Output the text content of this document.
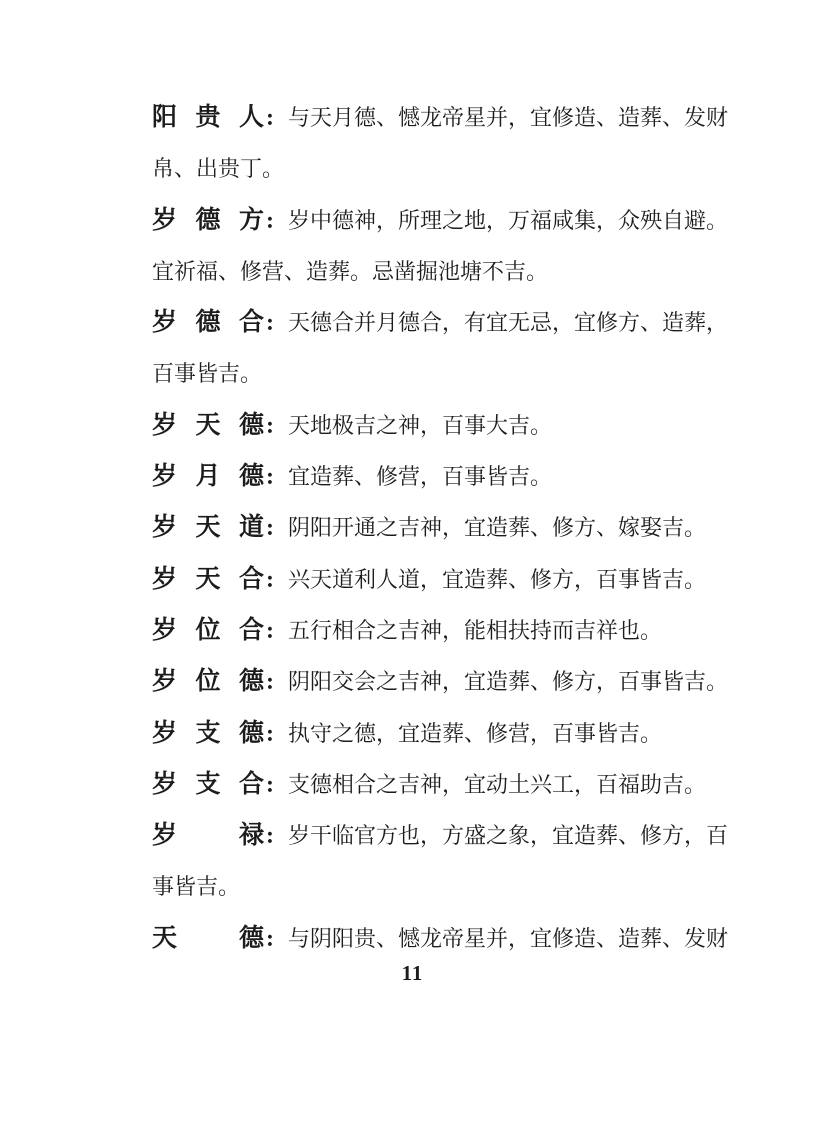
阳 贵 人 : 与天月德、憾龙帝星并，宜修造、造葬、发财
帛、出贵丁。
岁 德 方 : 岁中德神，所理之地，万福咸集，众殃自避。
宜祈福、修营、造葬。忌凿掘池塘不吉。
岁 德 合 : 天德合并月德合，有宜无忌，宜修方、造葬，
百事皆吉。
岁 天 德 : 天地极吉之神，百事大吉。
岁 月 德 : 宜造葬、修营，百事皆吉。
岁 天 道 : 阴阳开通之吉神，宜造葬、修方、嫁娶吉。
岁 天 合 : 兴天道利人道，宜造葬、修方，百事皆吉。
岁 位 合 : 五行相合之吉神，能相扶持而吉祥也。
岁 位 德 : 阴阳交会之吉神，宜造葬、修方，百事皆吉。
岁 支 德 : 执守之德，宜造葬、修营，百事皆吉。
岁 支 合 : 支德相合之吉神，宜动土兴工，百福助吉。
岁 禄 : 岁干临官方也，方盛之象，宜造葬、修方，百
事皆吉。
天 德 : 与阴阳贵、憾龙帝星并，宜修造、造葬、发财
11
